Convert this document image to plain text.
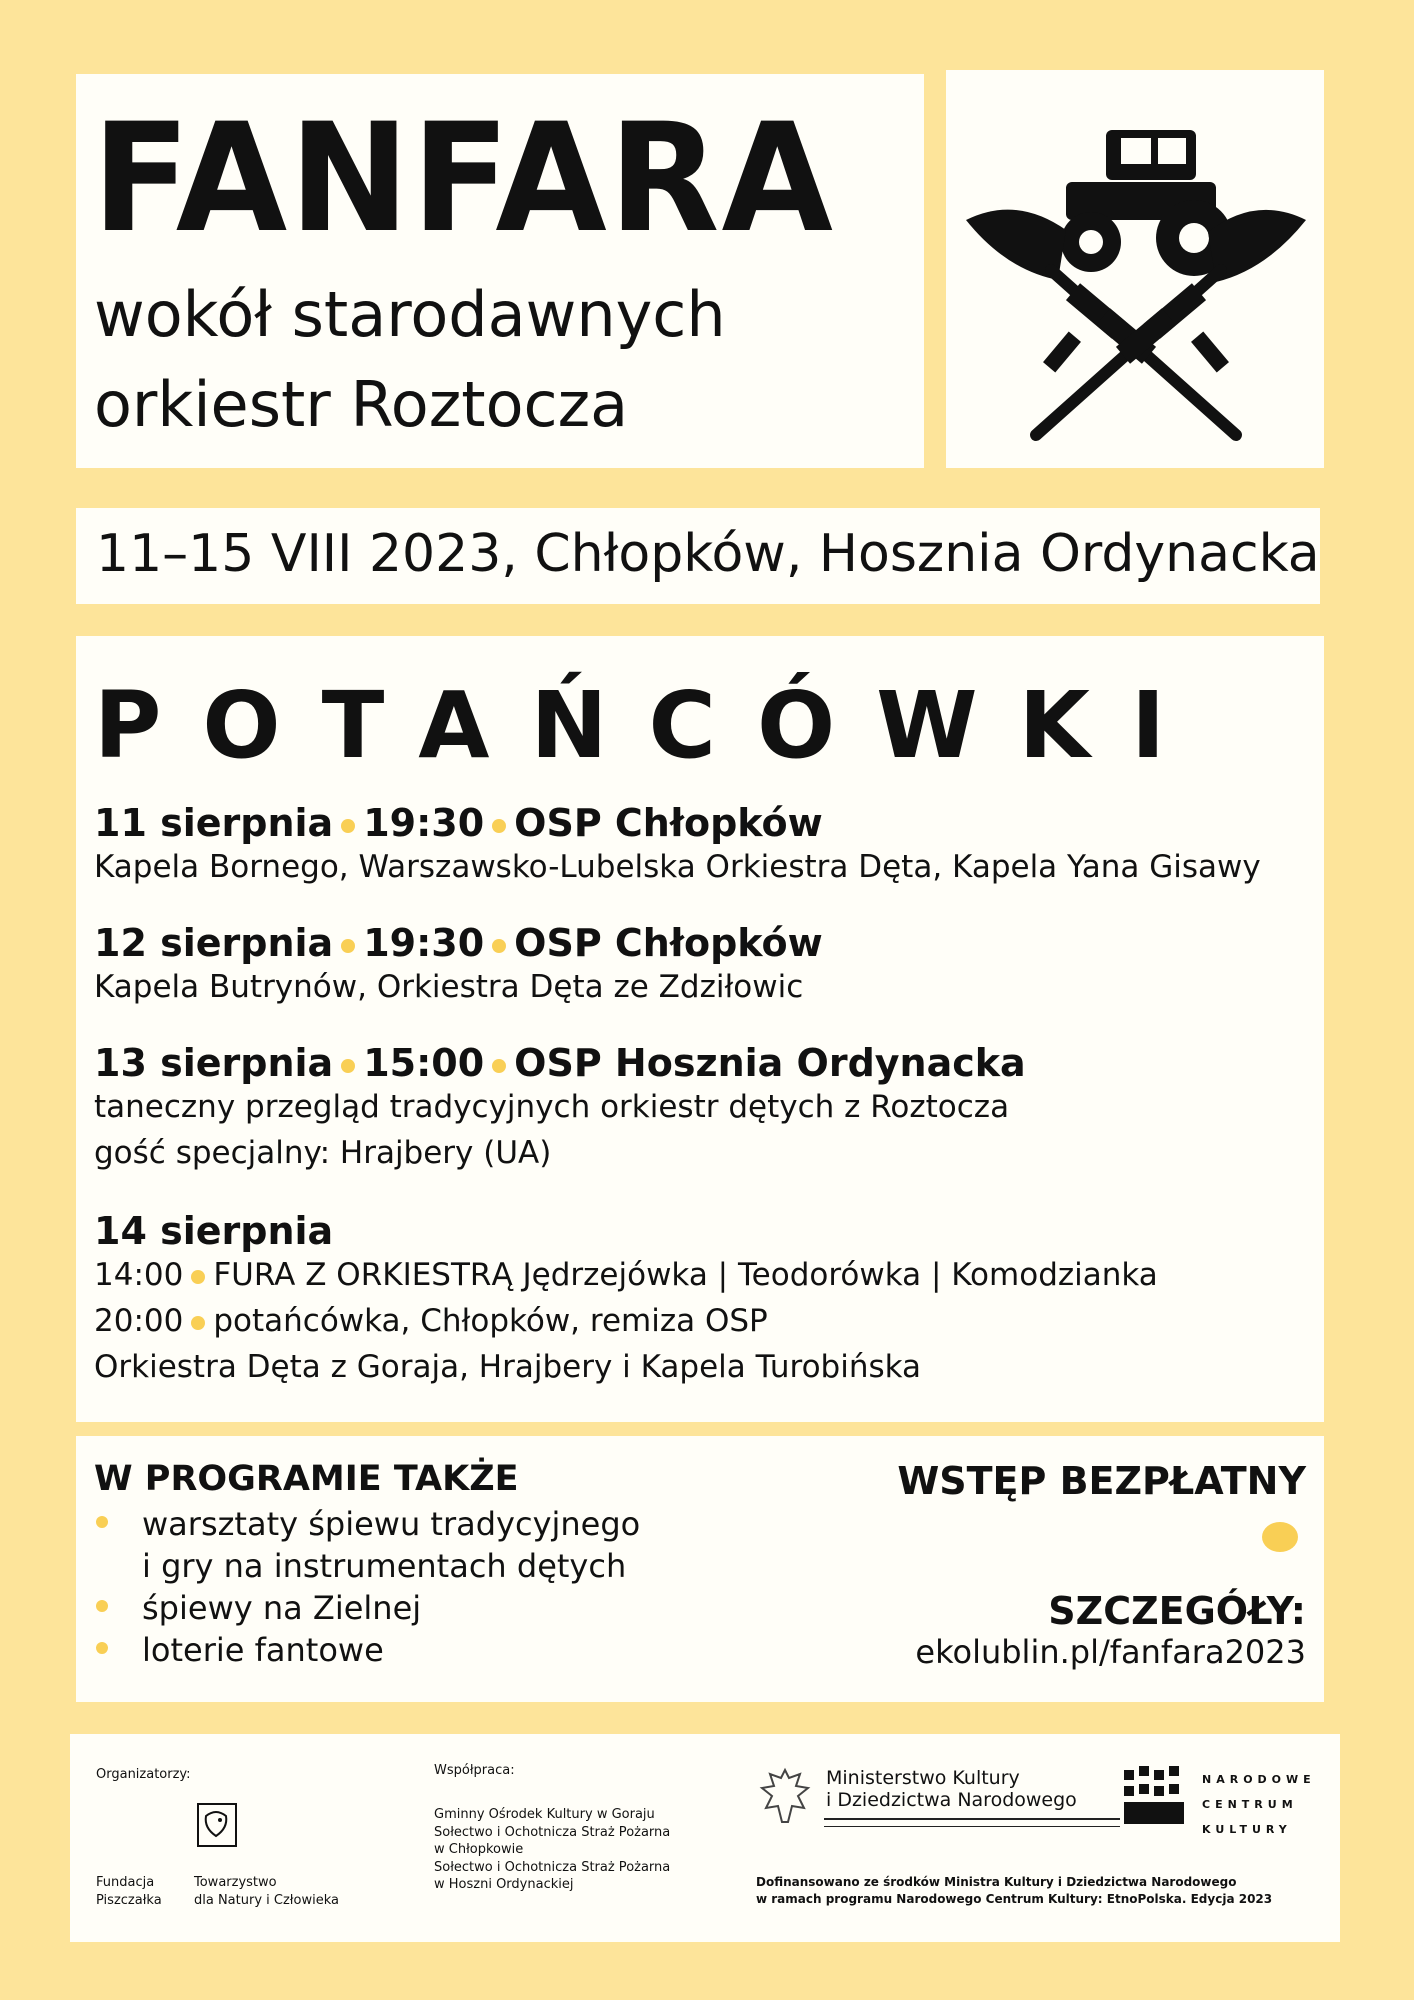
FANFARA
wokół starodawnych
orkiestr Roztocza
11–15 VIII 2023, Chłopków, Hosznia Ordynacka
POTAŃCÓWKI
11 sierpnia 19:30 OSP Chłopków
Kapela Bornego, Warszawsko-Lubelska Orkiestra Dęta, Kapela Yana Gisawy
12 sierpnia 19:30 OSP Chłopków
Kapela Butrynów, Orkiestra Dęta ze Zdziłowic
13 sierpnia 15:00 OSP Hosznia Ordynacka
taneczny przegląd tradycyjnych orkiestr dętych z Roztocza
gość specjalny: Hrajbery (UA)
14 sierpnia
14:00 FURA Z ORKIESTRĄ Jędrzejówka | Teodorówka | Komodzianka
20:00 potańcówka, Chłopków, remiza OSP
Orkiestra Dęta z Goraja, Hrajbery i Kapela Turobińska
W PROGRAMIE TAKŻE
warsztaty śpiewu tradycyjnego
i gry na instrumentach dętych
śpiewy na Zielnej
loterie fantowe
WSTĘP BEZPŁATNY
SZCZEGÓŁY:
ekolublin.pl/fanfara2023
Organizatorzy:
Fundacja
Piszczałka
Towarzystwo
dla Natury i Człowieka
Współpraca:
Gminny Ośrodek Kultury w Goraju
Sołectwo i Ochotnicza Straż Pożarna
w Chłopkowie
Sołectwo i Ochotnicza Straż Pożarna
w Hoszni Ordynackiej
Ministerstwo Kultury
i Dziedzictwa Narodowego
NARODOWE
CENTRUM
KULTURY
Dofinansowano ze środków Ministra Kultury i Dziedzictwa Narodowego
w ramach programu Narodowego Centrum Kultury: EtnoPolska. Edycja 2023
